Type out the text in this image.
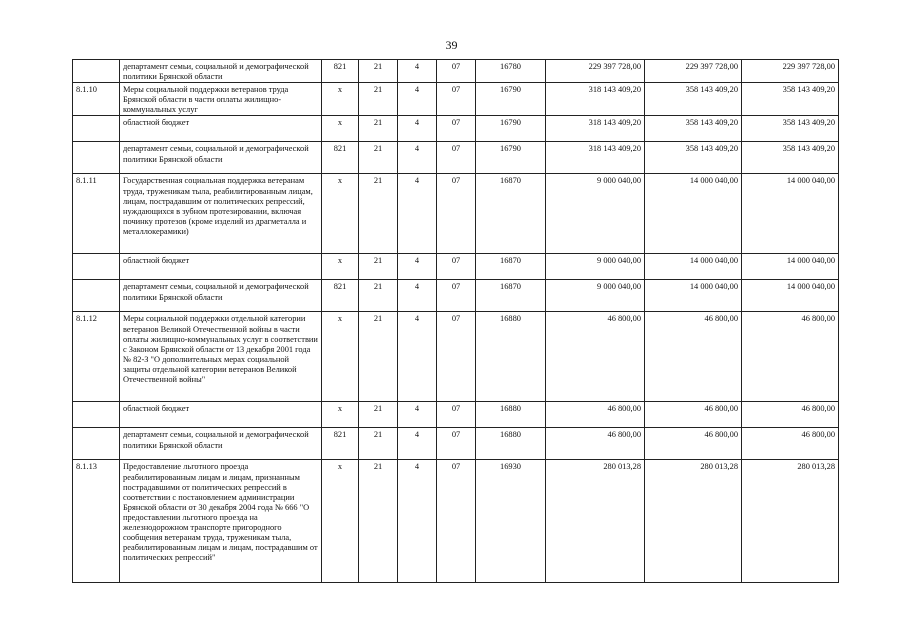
39
	департамент семьи, социальной и демографической политики Брянской области	821	21	4	07	16780	229 397 728,00	229 397 728,00	229 397 728,00
8.1.10	Меры социальной поддержки ветеранов труда Брянской области в части оплаты жилищно-коммунальных услуг	х	21	4	07	16790	318 143 409,20	358 143 409,20	358 143 409,20
	областной бюджет	х	21	4	07	16790	318 143 409,20	358 143 409,20	358 143 409,20
	департамент семьи, социальной и демографической политики Брянской области	821	21	4	07	16790	318 143 409,20	358 143 409,20	358 143 409,20
8.1.11	Государственная социальная поддержка ветеранам труда, труженикам тыла, реабилитированным лицам, лицам, пострадавшим от политических репрессий, нуждающихся в зубном протезировании, включая починку протезов (кроме изделий из драгметалла и металлокерамики)	х	21	4	07	16870	9 000 040,00	14 000 040,00	14 000 040,00
	областной бюджет	х	21	4	07	16870	9 000 040,00	14 000 040,00	14 000 040,00
	департамент семьи, социальной и демографической политики Брянской области	821	21	4	07	16870	9 000 040,00	14 000 040,00	14 000 040,00
8.1.12	Меры социальной поддержки отдельной категории ветеранов Великой Отечественной войны в части оплаты жилищно-коммунальных услуг в соответствии с Законом Брянской области от 13 декабря 2001 года № 82-З "О дополнительных мерах социальной защиты отдельной категории ветеранов Великой Отечественной войны"	х	21	4	07	16880	46 800,00	46 800,00	46 800,00
	областной бюджет	х	21	4	07	16880	46 800,00	46 800,00	46 800,00
	департамент семьи, социальной и демографической политики Брянской области	821	21	4	07	16880	46 800,00	46 800,00	46 800,00
8.1.13	Предоставление льготного проезда реабилитированным лицам и лицам, признанным пострадавшими от политических репрессий в соответствии с постановлением администрации Брянской области от 30 декабря 2004 года № 666 "О предоставлении льготного проезда на железнодорожном транспорте пригородного сообщения ветеранам труда, труженикам тыла, реабилитированным лицам и лицам, пострадавшим от политических репрессий"	х	21	4	07	16930	280 013,28	280 013,28	280 013,28
